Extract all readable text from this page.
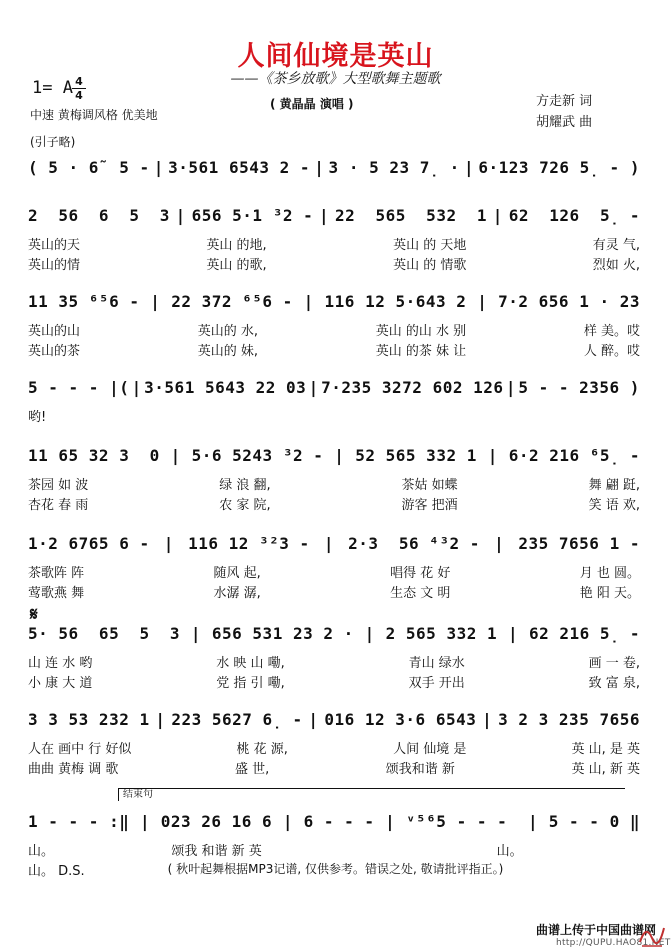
人间仙境是英山
——《茶乡放歌》大型歌舞主题歌
1= A 4
4
( 黄晶晶 演唱 )
中速 黄梅调风格 优美地
方走新 词
胡耀武 曲
(引子略)
𝄋
结束句
( 秋叶起舞根据MP3记谱, 仅供参考。错误之处, 敬请批评指正。)
曲谱上传于中国曲谱网
http://QUPU.HAO81.NET
( 5 · 6̃  5 - | 3·561 6543 2 - | 3 · 5 23 7̣ · | 6·123 726 5̣ - )
2  56  6  5  3 | 656 5·1 ³2 - | 22  565  532  1 | 62  126  5̣ -
英山的天	英山 的地,	英山 的 天地	有灵 气,
英山的情	英山 的歌,	英山 的 情歌	烈如 火,
11 35 ⁶⁵6 - | 22 372 ⁶⁵6 - | 116 12 5·643 2 | 7·2 656 1 · 23
英山的山	英山的 水,	英山 的山 水 别	样 美。哎
英山的茶	英山的 妹,	英山 的茶 妹 让	人 醉。哎
5 - - - |( | 3·561 5643 22 03 | 7·235 3272 602 126 | 5 - - 2356 )
哟!
11 65 32 3  0 | 5·6 5243 ³2 - | 52 565 332 1 | 6·2 216 ⁶5̣ -
茶园 如 波	绿 浪 翻,	茶姑 如蝶	舞 翩 跹,
杏花 春 雨	农 家 院,	游客 把酒	笑 语 欢,
1·2 6765 6 - | 116 12 ³²3 - | 2·3  56 ⁴³2 - | 235 7656 1 -
茶歌阵 阵	随风 起,	唱得 花 好	月 也 圆。
莺歌燕 舞	水潺 潺,	生态 文 明	艳 阳 天。
5· 56  65  5  3 | 656 531 23 2 · | 2 565 332 1 | 62 216 5̣ -
山 连 水 哟	水 映 山 嘞,	青山 绿水	画 一 卷,
小 康 大 道	党 指 引 嘞,	双手 开出	致 富 泉,
3 3 53 232 1 | 223 5627 6̣ - | 016 12 3·6 6543 | 3 2 3 235 7656
人在 画中 行 好似	桃 花 源,	人间 仙境 是	英 山, 是 英
曲曲 黄梅 调 歌	盛 世,	颂我和谐 新	英 山, 新 英
1 - - - :‖ | 023 26 16 6 | 6 - - - | ᵛ⁵⁶5 - - - | 5 - - 0 ‖
山。	颂我 和谐 新 英	山。
山。 D.S.
